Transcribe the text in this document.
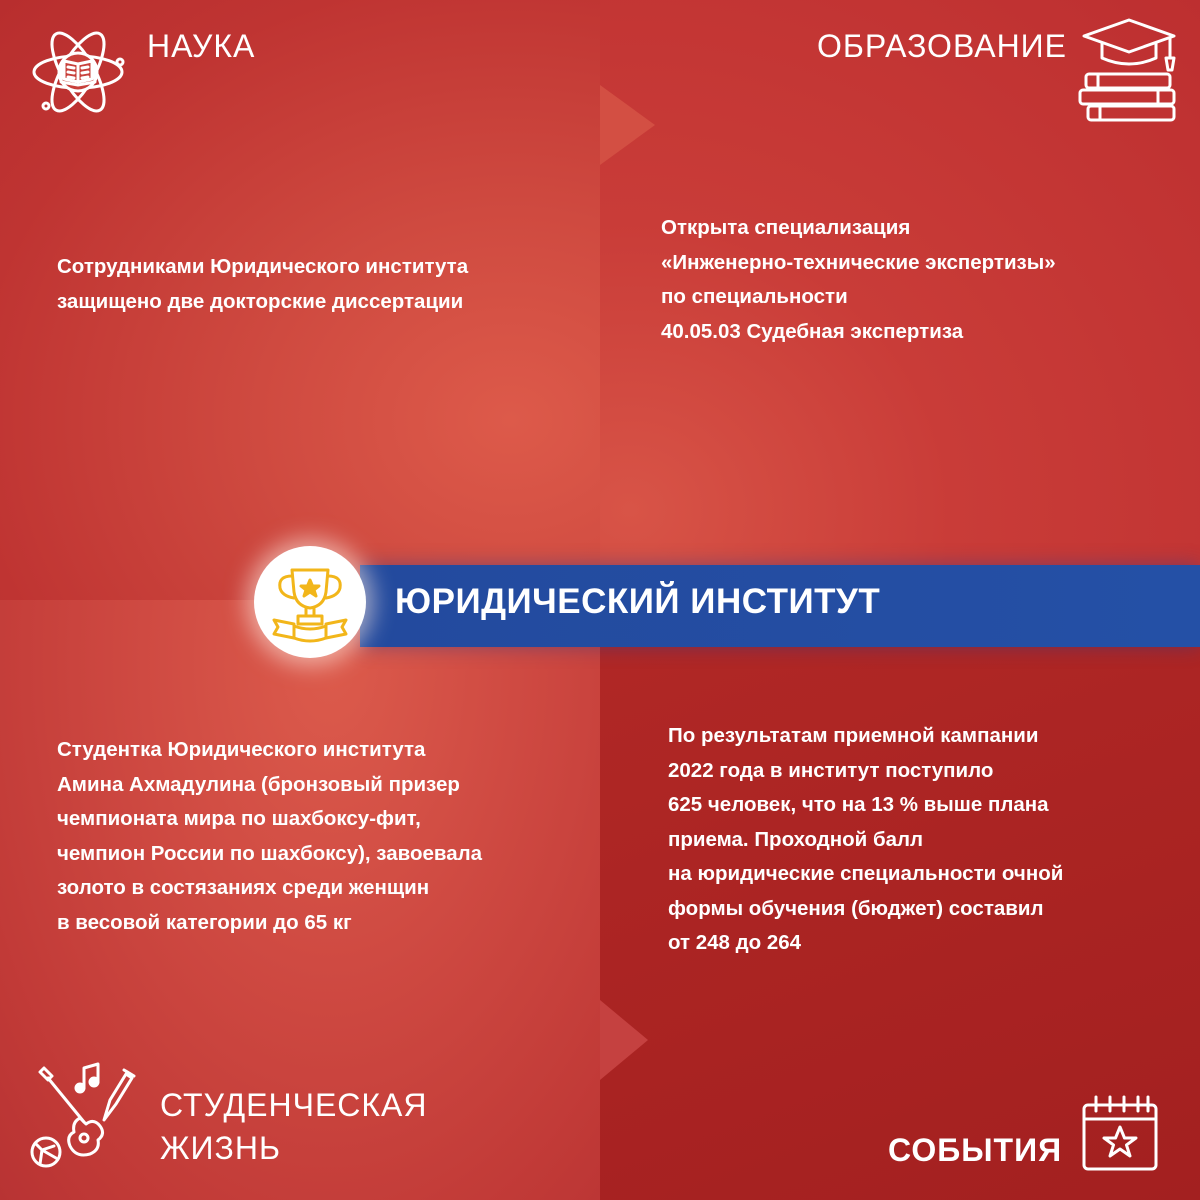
НАУКА
Сотрудниками Юридического института
защищено две докторские диссертации
ОБРАЗОВАНИЕ
Открыта специализация
«Инженерно-технические экспертизы»
по специальности
40.05.03 Судебная экспертиза
ЮРИДИЧЕСКИЙ ИНСТИТУТ
Студентка Юридического института
Амина Ахмадулина (бронзовый призер
чемпионата мира по шахбоксу-фит,
чемпион России по шахбоксу), завоевала
золото в состязаниях среди женщин
в весовой категории до 65 кг
СТУДЕНЧЕСКАЯ
ЖИЗНЬ
По результатам приемной кампании
2022 года в институт поступило
625 человек, что на 13 % выше плана
приема. Проходной балл
на юридические специальности очной
формы обучения (бюджет) составил
от 248 до 264
СОБЫТИЯ
